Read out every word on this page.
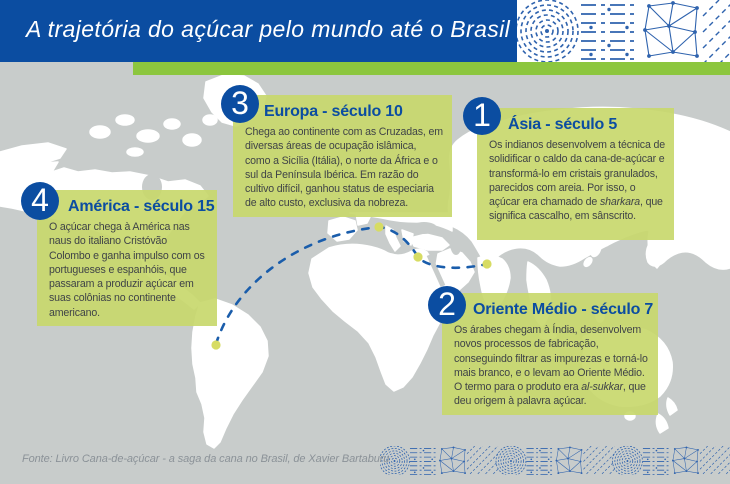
1 Ásia - século 5

Os indianos desenvolvem a técnica de solidificar o caldo da cana-de-açúcar e transformá-lo em cristais granulados, parecidos com areia. Por isso, o açúcar era chamado de sharkara, que significa cascalho, em sânscrito.

2 Oriente Médio - século 7

Os árabes chegam à Índia, desenvolvem novos processos de fabricação, conseguindo filtrar as impurezas e torná-lo mais branco, e o levam ao Oriente Médio. O termo para o produto era al-sukkar, que deu origem à palavra açúcar.

3 Europa - século 10

Chega ao continente com as Cruzadas, em diversas áreas de ocupação islâmica, como a Sicília (Itália), o norte da África e o sul da Península Ibérica. Em razão do cultivo difícil, ganhou status de especiaria de alto custo, exclusiva da nobreza.

4 América - século 15

O açúcar chega à América nas naus do italiano Cristóvão Colombo e ganha impulso com os portugueses e espanhóis, que passaram a produzir açúcar em suas colônias no continente americano.

A trajetória do açúcar pelo mundo até o Brasil

Fonte: Livro Cana-de-açúcar - a saga da cana no Brasil, de Xavier Bartaburu
